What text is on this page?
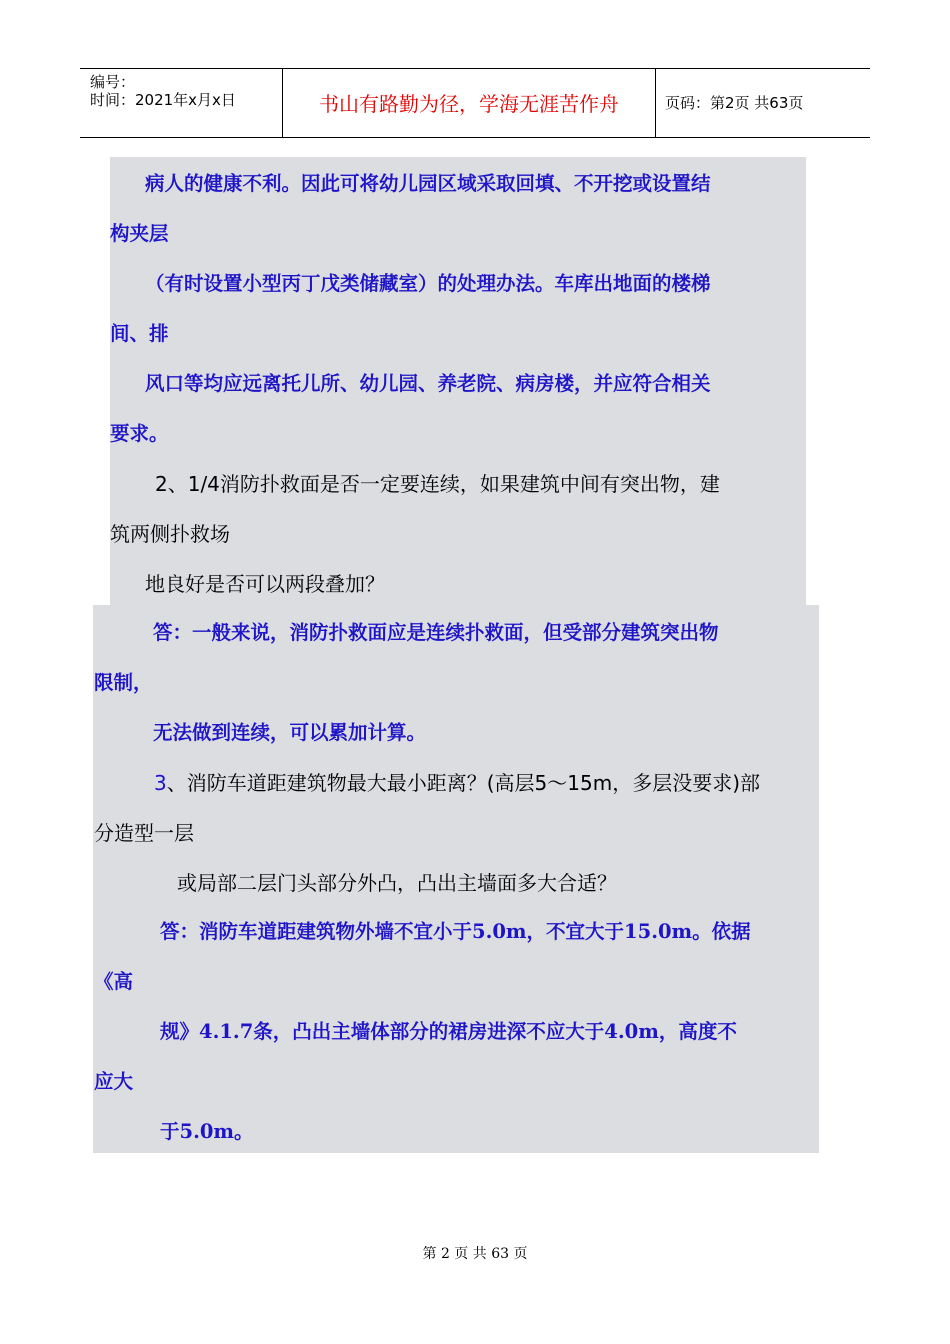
编号：
时间：2021年x月x日	书山有路勤为径，学海无涯苦作舟	页码：第2页 共63页
病人的健康不利。因此可将幼儿园区域采取回填、不开挖或设置结
构夹层
（有时设置小型丙丁戊类储藏室）的处理办法。车库出地面的楼梯
间、排
风口等均应远离托儿所、幼儿园、养老院、病房楼，并应符合相关
要求。
2、1/4消防扑救面是否一定要连续，如果建筑中间有突出物，建
筑两侧扑救场
地良好是否可以两段叠加？
答：一般来说，消防扑救面应是连续扑救面，但受部分建筑突出物
限制，
无法做到连续，可以累加计算。
3、消防车道距建筑物最大最小距离？(高层5～15m，多层没要求)部
分造型一层
或局部二层门头部分外凸，凸出主墙面多大合适？
答：消防车道距建筑物外墙不宜小于5.0m，不宜大于15.0m。依据
《高
规》4.1.7条，凸出主墙体部分的裙房进深不应大于4.0m，高度不
应大
于5.0m。
第 2 页 共 63 页
